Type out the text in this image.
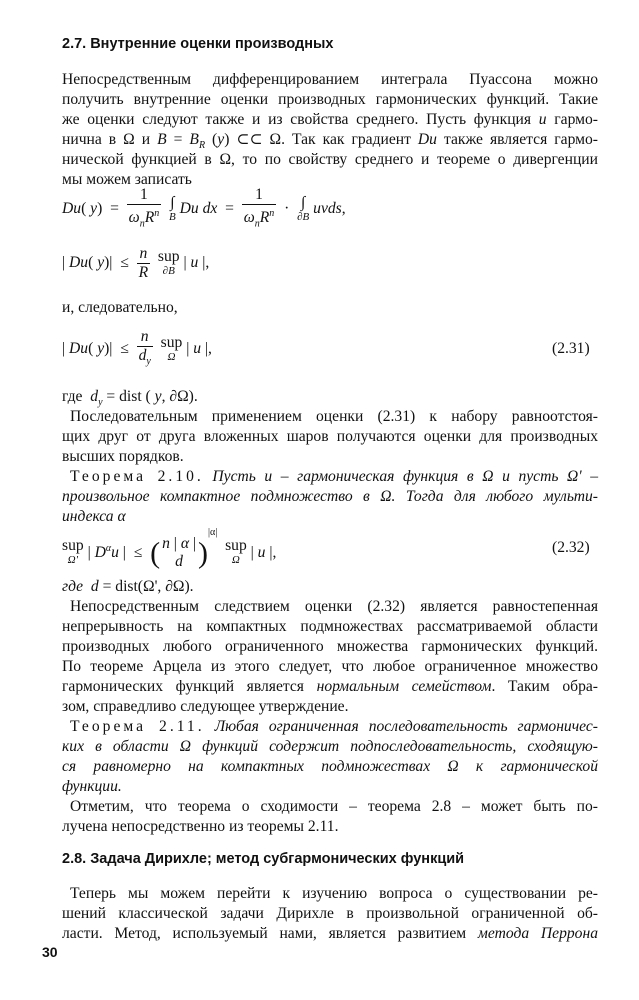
2.7. Внутренние оценки производных
Непосредственным дифференцированием интеграла Пуассона можно
получить внутренние оценки производных гармонических функций. Такие
же оценки следуют также и из свойства среднего. Пусть функция u гармо-
нична в Ω и $B = B_R$ (y) ⊂⊂ Ω. Так как градиент Du также является гармо-
нической функцией в Ω, то по свойству среднего и теореме о дивергенции
мы можем записать
Du( $y) = \frac{1}{\omega_nR^n}$ ∫
B Du dx  = $\frac{1}{\omega_nR^n}$ ·  ∫
∂B uνds,
| Du( $y)| \le \frac{n}{R}$ sup
∂B | u |,
и, следовательно,
| Du( $y)| \le \frac{n}{d_y}$ sup
Ω | u |,	(2.31)
где  $d_y$ = dist ( y, ∂Ω).
Последовательным применением оценки (2.31) к набору равноотстоя-
щих друг от друга вложенных шаров получаются оценки для производных
высших порядков.
Теорема 2.10. Пусть u – гармоническая функция в Ω и пусть Ω' –
произвольное компактное подмножество в Ω. Тогда для любого мульти-
индекса α
sup
Ω' | $D^\alpha u$ |  ≤  ( n | α |
d )$^{|\alpha|}$  sup
Ω | u |,	(2.32)
где d = dist(Ω', ∂Ω).
Непосредственным следствием оценки (2.32) является равностепенная
непрерывность на компактных подмножествах рассматриваемой области
производных любого ограниченного множества гармонических функций.
По теореме Арцела из этого следует, что любое ограниченное множество
гармонических функций является нормальным семейством. Таким обра-
зом, справедливо следующее утверждение.
Теорема 2.11. Любая ограниченная последовательность гармоничес-
ких в области Ω функций содержит подпоследовательность, сходящую-
ся равномерно на компактных подмножествах Ω к гармонической
функции.
Отметим, что теорема о сходимости – теорема 2.8 – может быть по-
лучена непосредственно из теоремы 2.11.
2.8. Задача Дирихле; метод субгармонических функций
Теперь мы можем перейти к изучению вопроса о существовании ре-
шений классической задачи Дирихле в произвольной ограниченной об-
ласти. Метод, используемый нами, является развитием метода Перрона
30
